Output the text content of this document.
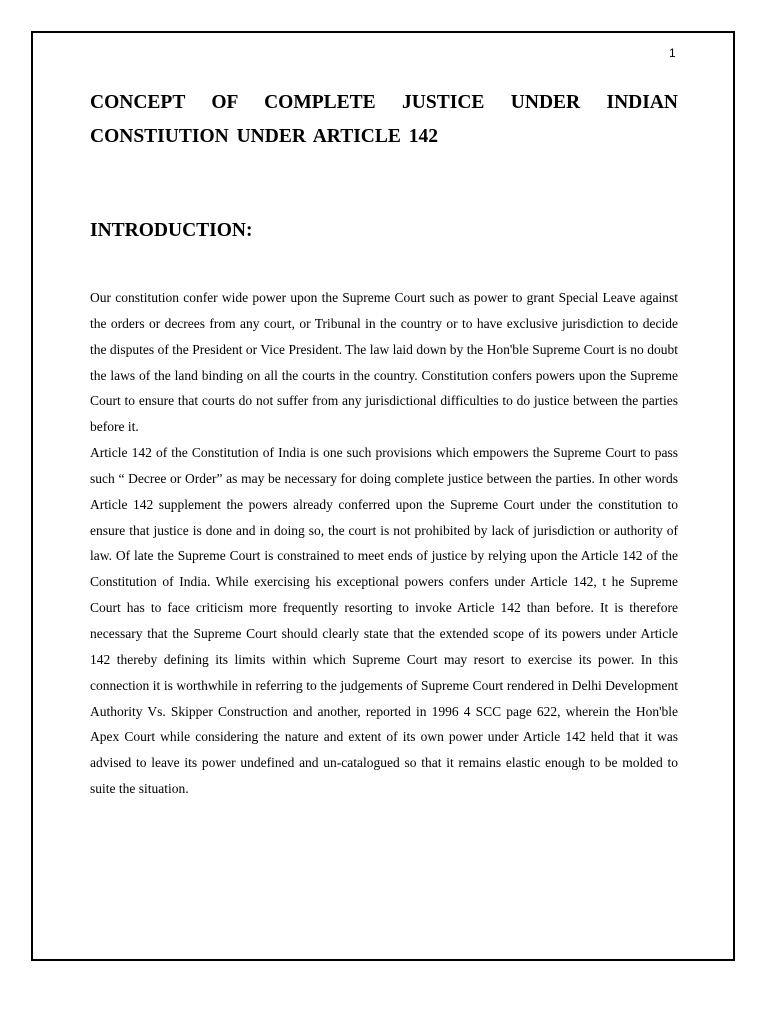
1
CONCEPT OF COMPLETE JUSTICE UNDER INDIAN
CONSTIUTION UNDER ARTICLE 142
INTRODUCTION:

Our constitution confer wide power upon the Supreme Court such as power to grant Special Leave against the orders or decrees from any court, or Tribunal in the country or to have exclusive jurisdiction to decide the disputes of the President or Vice President. The law laid down by the Hon'ble Supreme Court is no doubt the laws of the land binding on all the courts in the country. Constitution confers powers upon the Supreme Court to ensure that courts do not suffer from any jurisdictional difficulties to do justice between the parties before it.

Article 142 of the Constitution of India is one such provisions which empowers the Supreme Court to pass such “ Decree or Order” as may be necessary for doing complete justice between the parties. In other words Article 142 supplement the powers already conferred upon the Supreme Court under the constitution to ensure that justice is done and in doing so, the court is not prohibited by lack of jurisdiction or authority of law. Of late the Supreme Court is constrained to meet ends of justice by relying upon the Article 142 of the Constitution of India. While exercising his exceptional powers confers under Article 142, t he Supreme Court has to face criticism more frequently resorting to invoke Article 142 than before. It is therefore necessary that the Supreme Court should clearly state that the extended scope of its powers under Article 142 thereby defining its limits within which Supreme Court may resort to exercise its power. In this connection it is worthwhile in referring to the judgements of Supreme Court rendered in Delhi Development Authority Vs. Skipper Construction and another, reported in 1996 4 SCC page 622, wherein the Hon'ble Apex Court while considering the nature and extent of its own power under Article 142 held that it was advised to leave its power undefined and un-catalogued so that it remains elastic enough to be molded to suite the situation.
